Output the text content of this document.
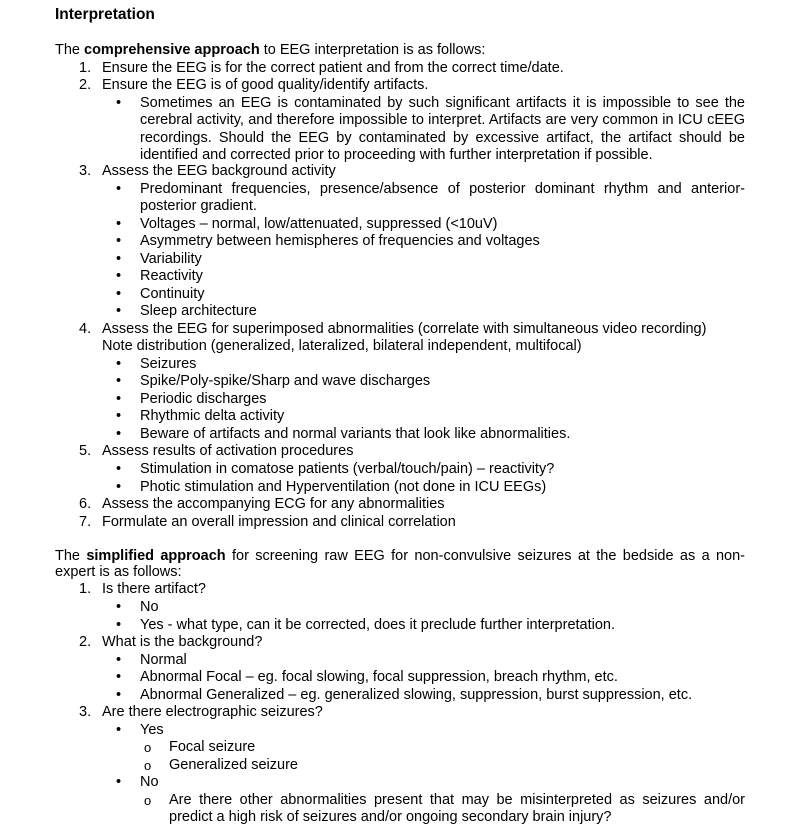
Interpretation
The comprehensive approach to EEG interpretation is as follows:
1. Ensure the EEG is for the correct patient and from the correct time/date.
2. Ensure the EEG is of good quality/identify artifacts.
•	Sometimes an EEG is contaminated by such significant artifacts it is impossible to see the cerebral activity, and therefore impossible to interpret. Artifacts are very common in ICU cEEG recordings. Should the EEG by contaminated by excessive artifact, the artifact should be identified and corrected prior to proceeding with further interpretation if possible.
3. Assess the EEG background activity
•	Predominant frequencies, presence/absence of posterior dominant rhythm and anterior-posterior gradient.
•	Voltages – normal, low/attenuated, suppressed (<10uV)
•	Asymmetry between hemispheres of frequencies and voltages
•	Variability
•	Reactivity
•	Continuity
•	Sleep architecture
4. Assess the EEG for superimposed abnormalities (correlate with simultaneous video recording)
Note distribution (generalized, lateralized, bilateral independent, multifocal)
•	Seizures
•	Spike/Poly-spike/Sharp and wave discharges
•	Periodic discharges
•	Rhythmic delta activity
•	Beware of artifacts and normal variants that look like abnormalities.
5. Assess results of activation procedures
•	Stimulation in comatose patients (verbal/touch/pain) – reactivity?
•	Photic stimulation and Hyperventilation (not done in ICU EEGs)
6. Assess the accompanying ECG for any abnormalities
7. Formulate an overall impression and clinical correlation
The simplified approach for screening raw EEG for non-convulsive seizures at the bedside as a non-
expert is as follows:
1. Is there artifact?
•	No
•	Yes - what type, can it be corrected, does it preclude further interpretation.
2. What is the background?
•	Normal
•	Abnormal Focal – eg. focal slowing, focal suppression, breach rhythm, etc.
•	Abnormal Generalized – eg. generalized slowing, suppression, burst suppression, etc.
3. Are there electrographic seizures?
•	Yes
o	Focal seizure
o	Generalized seizure
•	No
o	Are there other abnormalities present that may be misinterpreted as seizures and/or predict a high risk of seizures and/or ongoing secondary brain injury?
